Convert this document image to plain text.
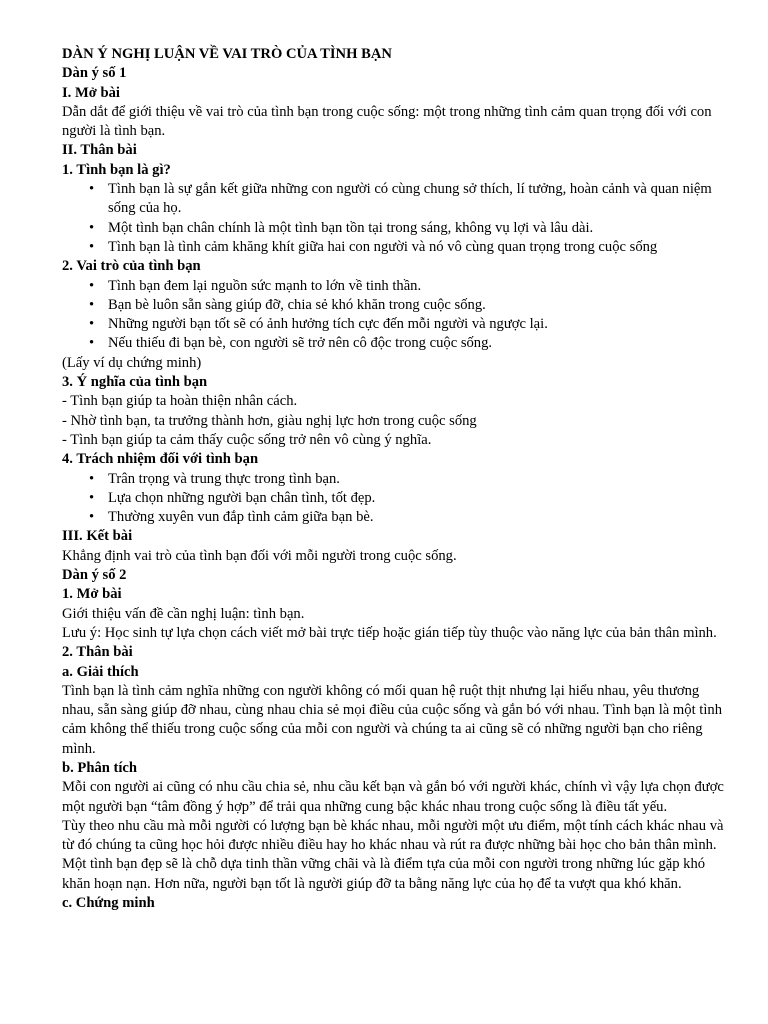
DÀN Ý NGHỊ LUẬN VỀ VAI TRÒ CỦA TÌNH BẠN

Dàn ý số 1

I. Mở bài

Dẫn dắt để giới thiệu về vai trò của tình bạn trong cuộc sống: một trong những tình cảm quan trọng đối với con người là tình bạn.

II. Thân bài

1. Tình bạn là gì?

• Tình bạn là sự gắn kết giữa những con người có cùng chung sở thích, lí tưởng, hoàn cảnh và quan niệm sống của họ.
• Một tình bạn chân chính là một tình bạn tồn tại trong sáng, không vụ lợi và lâu dài.
• Tình bạn là tình cảm khăng khít giữa hai con người và nó vô cùng quan trọng trong cuộc sống

2. Vai trò của tình bạn

• Tình bạn đem lại nguồn sức mạnh to lớn về tinh thần.
• Bạn bè luôn sẵn sàng giúp đỡ, chia sẻ khó khăn trong cuộc sống.
• Những người bạn tốt sẽ có ảnh hưởng tích cực đến mỗi người và ngược lại.
• Nếu thiếu đi bạn bè, con người sẽ trở nên cô độc trong cuộc sống.

(Lấy ví dụ chứng minh)

3. Ý nghĩa của tình bạn

- Tình bạn giúp ta hoàn thiện nhân cách.

- Nhờ tình bạn, ta trưởng thành hơn, giàu nghị lực hơn trong cuộc sống

- Tình bạn giúp ta cảm thấy cuộc sống trở nên vô cùng ý nghĩa.

4. Trách nhiệm đối với tình bạn

• Trân trọng và trung thực trong tình bạn.
• Lựa chọn những người bạn chân tình, tốt đẹp.
• Thường xuyên vun đắp tình cảm giữa bạn bè.

III. Kết bài

Khẳng định vai trò của tình bạn đối với mỗi người trong cuộc sống.

Dàn ý số 2

1. Mở bài

Giới thiệu vấn đề cần nghị luận: tình bạn.

Lưu ý: Học sinh tự lựa chọn cách viết mở bài trực tiếp hoặc gián tiếp tùy thuộc vào năng lực của bản thân mình.

2. Thân bài

a. Giải thích

Tình bạn là tình cảm nghĩa những con người không có mối quan hệ ruột thịt nhưng lại hiểu nhau, yêu thương nhau, sẵn sàng giúp đỡ nhau, cùng nhau chia sẻ mọi điều của cuộc sống và gắn bó với nhau. Tình bạn là một tình cảm không thể thiếu trong cuộc sống của mỗi con người và chúng ta ai cũng sẽ có những người bạn cho riêng mình.

b. Phân tích

Mỗi con người ai cũng có nhu cầu chia sẻ, nhu cầu kết bạn và gắn bó với người khác, chính vì vậy lựa chọn được một người bạn “tâm đồng ý hợp” để trải qua những cung bậc khác nhau trong cuộc sống là điều tất yếu.

Tùy theo nhu cầu mà mỗi người có lượng bạn bè khác nhau, mỗi người một ưu điểm, một tính cách khác nhau và từ đó chúng ta cũng học hỏi được nhiều điều hay ho khác nhau và rút ra được những bài học cho bản thân mình.

Một tình bạn đẹp sẽ là chỗ dựa tinh thần vững chãi và là điểm tựa của mỗi con người trong những lúc gặp khó khăn hoạn nạn. Hơn nữa, người bạn tốt là người giúp đỡ ta bằng năng lực của họ để ta vượt qua khó khăn.

c. Chứng minh
